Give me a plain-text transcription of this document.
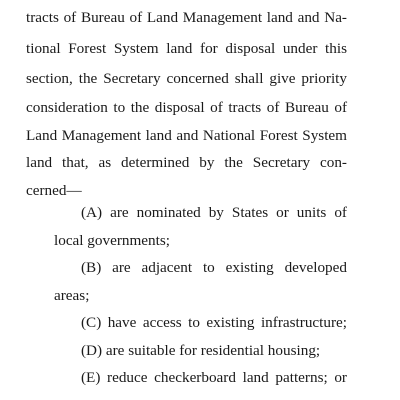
tracts of Bureau of Land Management land and Na-
tional Forest System land for disposal under this
section, the Secretary concerned shall give priority
consideration to the disposal of tracts of Bureau of
Land Management land and National Forest System
land that, as determined by the Secretary con-
cerned—
(A) are nominated by States or units of
local governments;
(B) are adjacent to existing developed
areas;
(C) have access to existing infrastructure;
(D) are suitable for residential housing;
(E) reduce checkerboard land patterns; or
